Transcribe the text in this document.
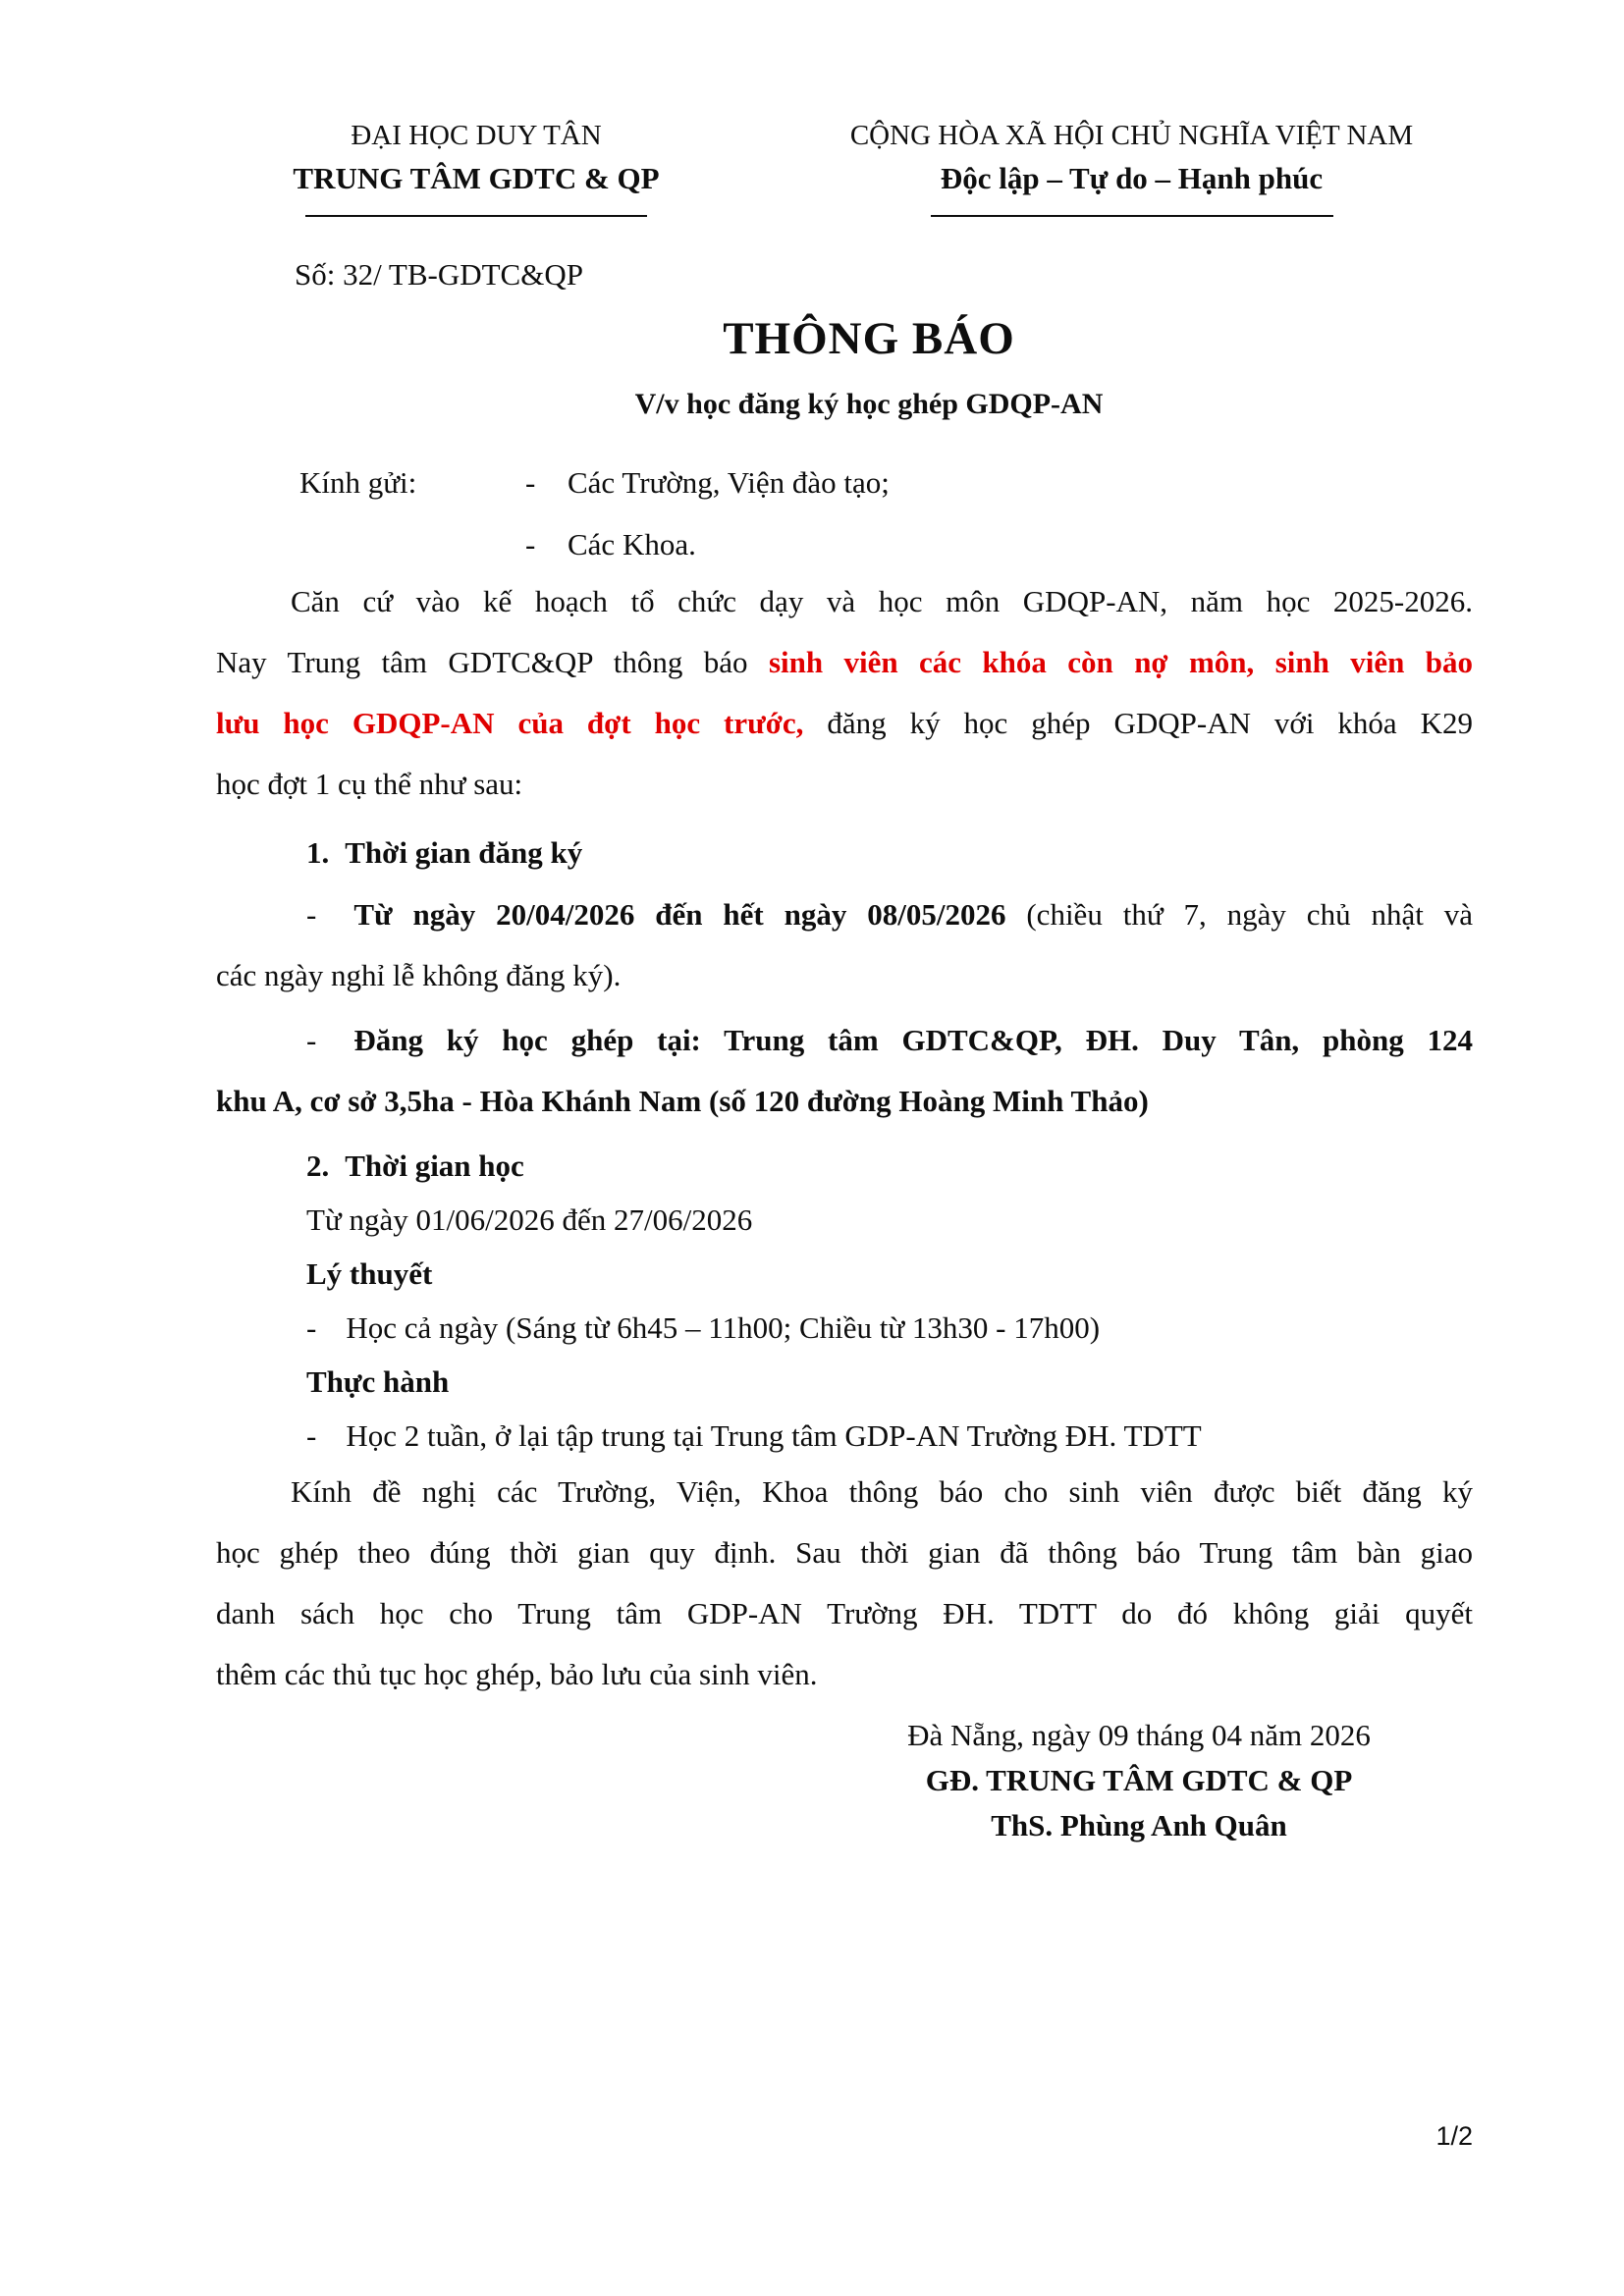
ĐẠI HỌC DUY TÂN
TRUNG TÂM GDTC & QP
CỘNG HÒA XÃ HỘI CHỦ NGHĨA VIỆT NAM
Độc lập – Tự do – Hạnh phúc
Số: 32/ TB-GDTC&QP
THÔNG BÁO
V/v học đăng ký học ghép GDQP-AN
Kính gửi:	- Các Trường, Viện đào tạo;
- Các Khoa.
Căn cứ vào kế hoạch tổ chức dạy và học môn GDQP-AN, năm học 2025-2026.
Nay Trung tâm GDTC&QP thông báo sinh viên các khóa còn nợ môn, sinh viên bảo
lưu học GDQP-AN của đợt học trước, đăng ký học ghép GDQP-AN với khóa K29
học đợt 1 cụ thể như sau:
1. Thời gian đăng ký
- Từ ngày 20/04/2026 đến hết ngày 08/05/2026 (chiều thứ 7, ngày chủ nhật và
các ngày nghỉ lễ không đăng ký).
- Đăng ký học ghép tại: Trung tâm GDTC&QP, ĐH. Duy Tân, phòng 124
khu A, cơ sở 3,5ha - Hòa Khánh Nam (số 120 đường Hoàng Minh Thảo)
2. Thời gian học
Từ ngày 01/06/2026 đến 27/06/2026
Lý thuyết
- Học cả ngày (Sáng từ 6h45 – 11h00; Chiều từ 13h30 - 17h00)
Thực hành
- Học 2 tuần, ở lại tập trung tại Trung tâm GDP-AN Trường ĐH. TDTT
Kính đề nghị các Trường, Viện, Khoa thông báo cho sinh viên được biết đăng ký
học ghép theo đúng thời gian quy định. Sau thời gian đã thông báo Trung tâm bàn giao
danh sách học cho Trung tâm GDP-AN Trường ĐH. TDTT do đó không giải quyết
thêm các thủ tục học ghép, bảo lưu của sinh viên.
Đà Nẵng, ngày 09 tháng 04 năm 2026
GĐ. TRUNG TÂM GDTC & QP
ThS. Phùng Anh Quân
1/2
